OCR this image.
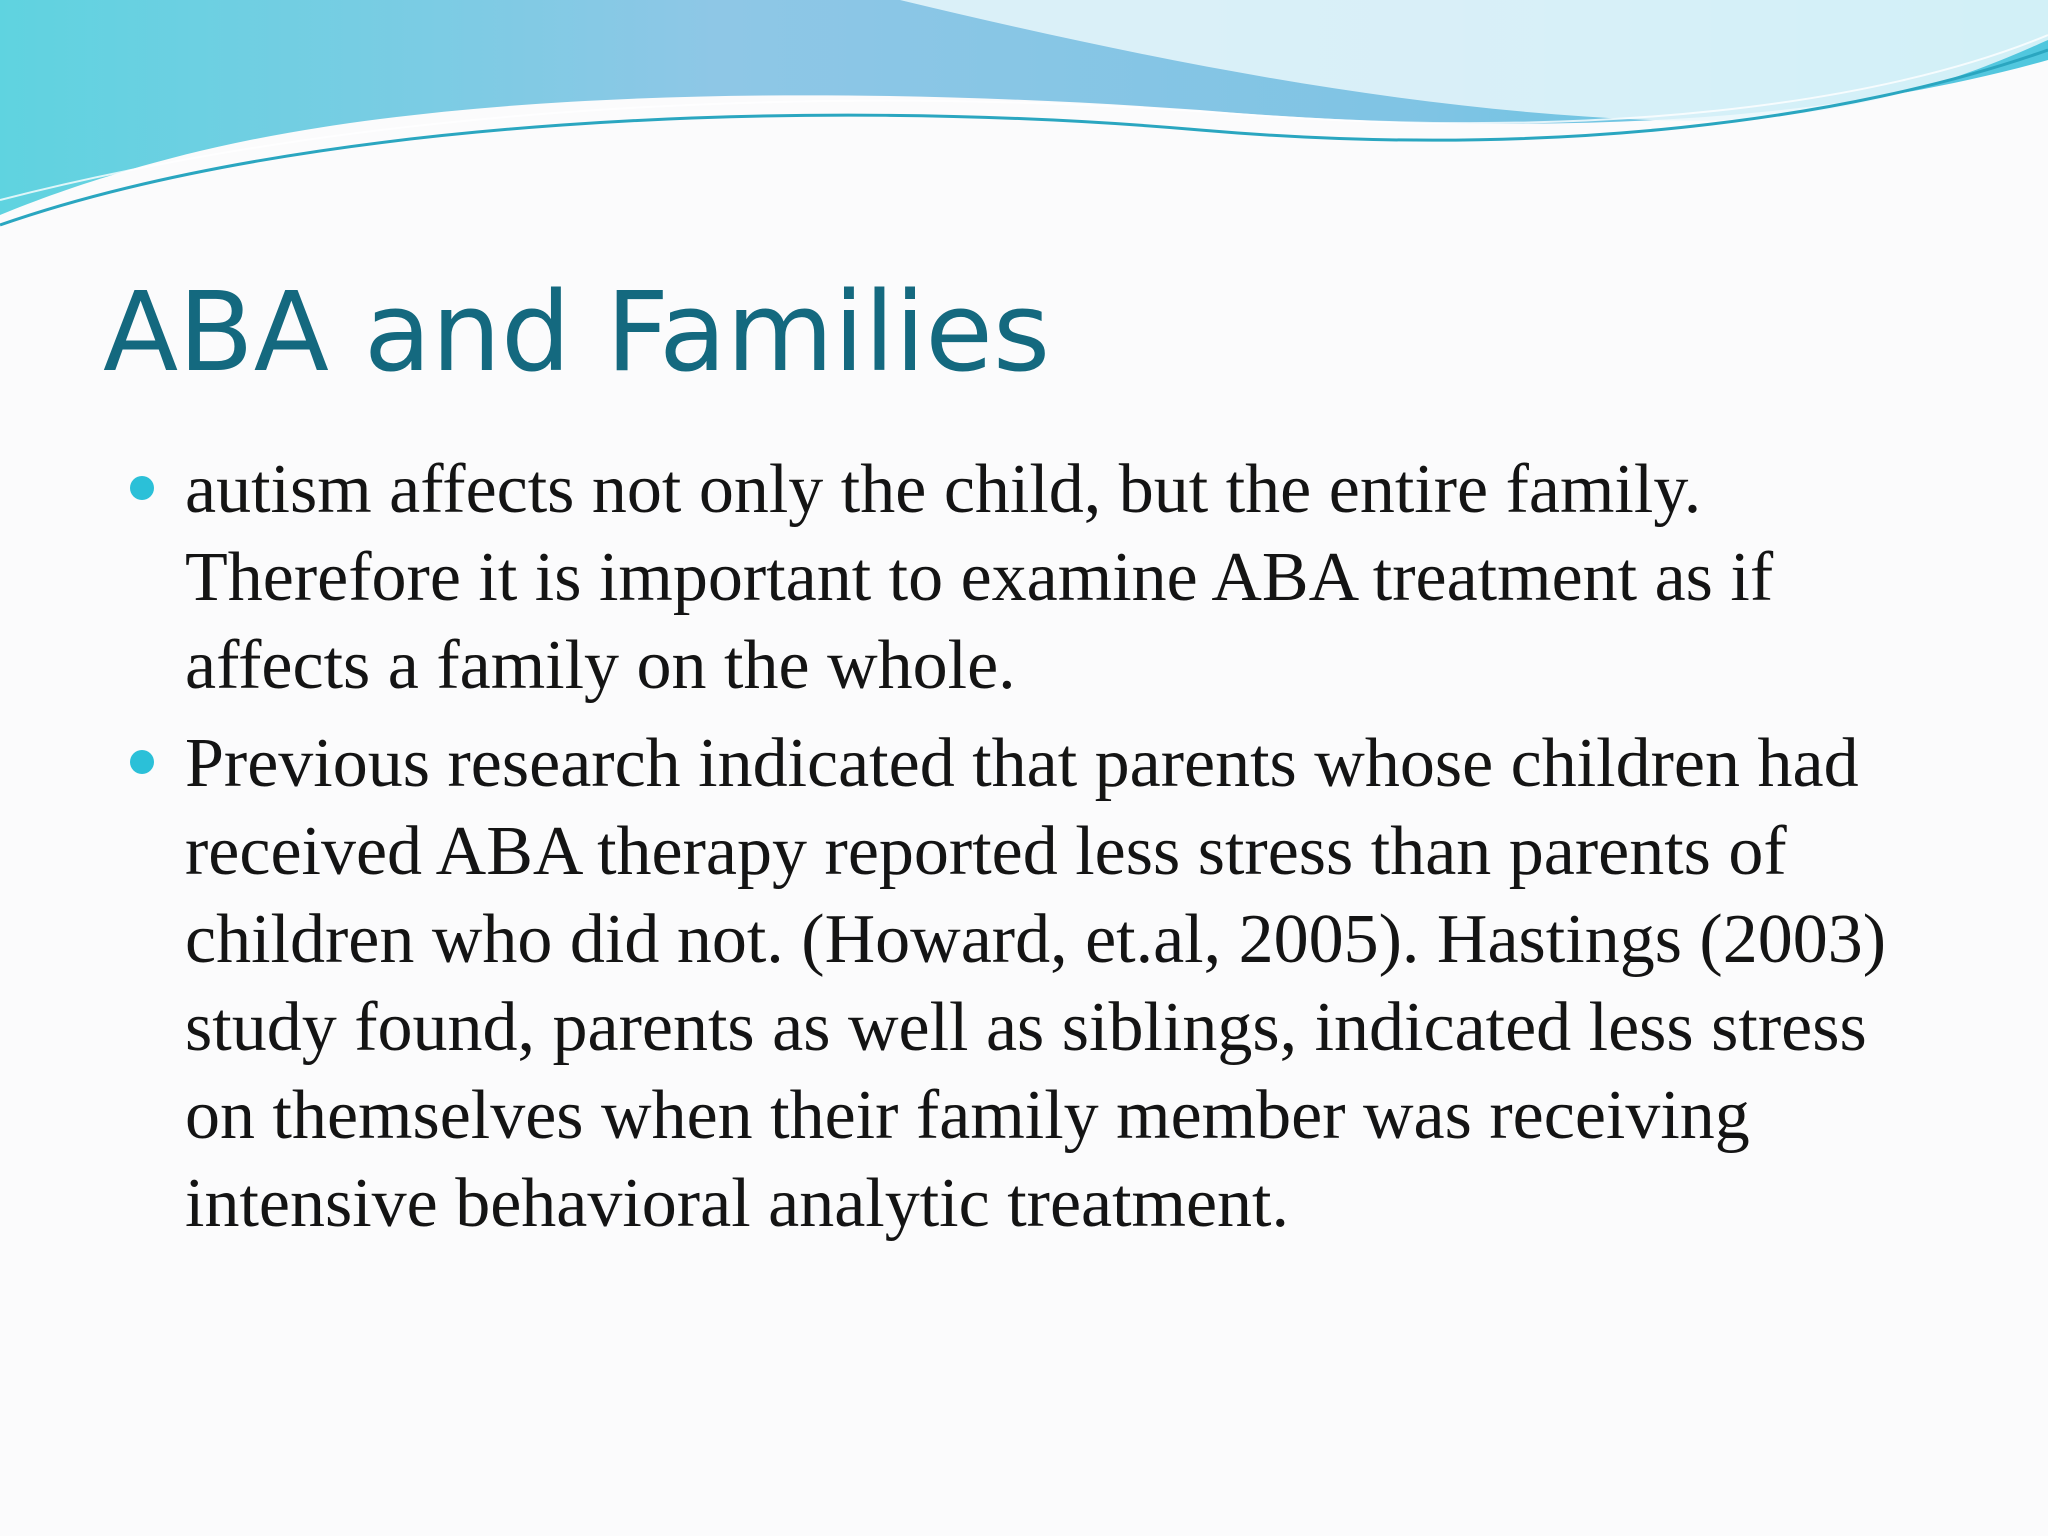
ABA and Families
autism affects not only the child, but the entire family. Therefore it is important to examine ABA treatment as if affects a family on the whole.
Previous research indicated that parents whose children had received ABA therapy reported less stress than parents of children who did not. (Howard, et.al, 2005). Hastings (2003) study found, parents as well as siblings, indicated less stress on themselves when their family member was receiving intensive behavioral analytic treatment.
